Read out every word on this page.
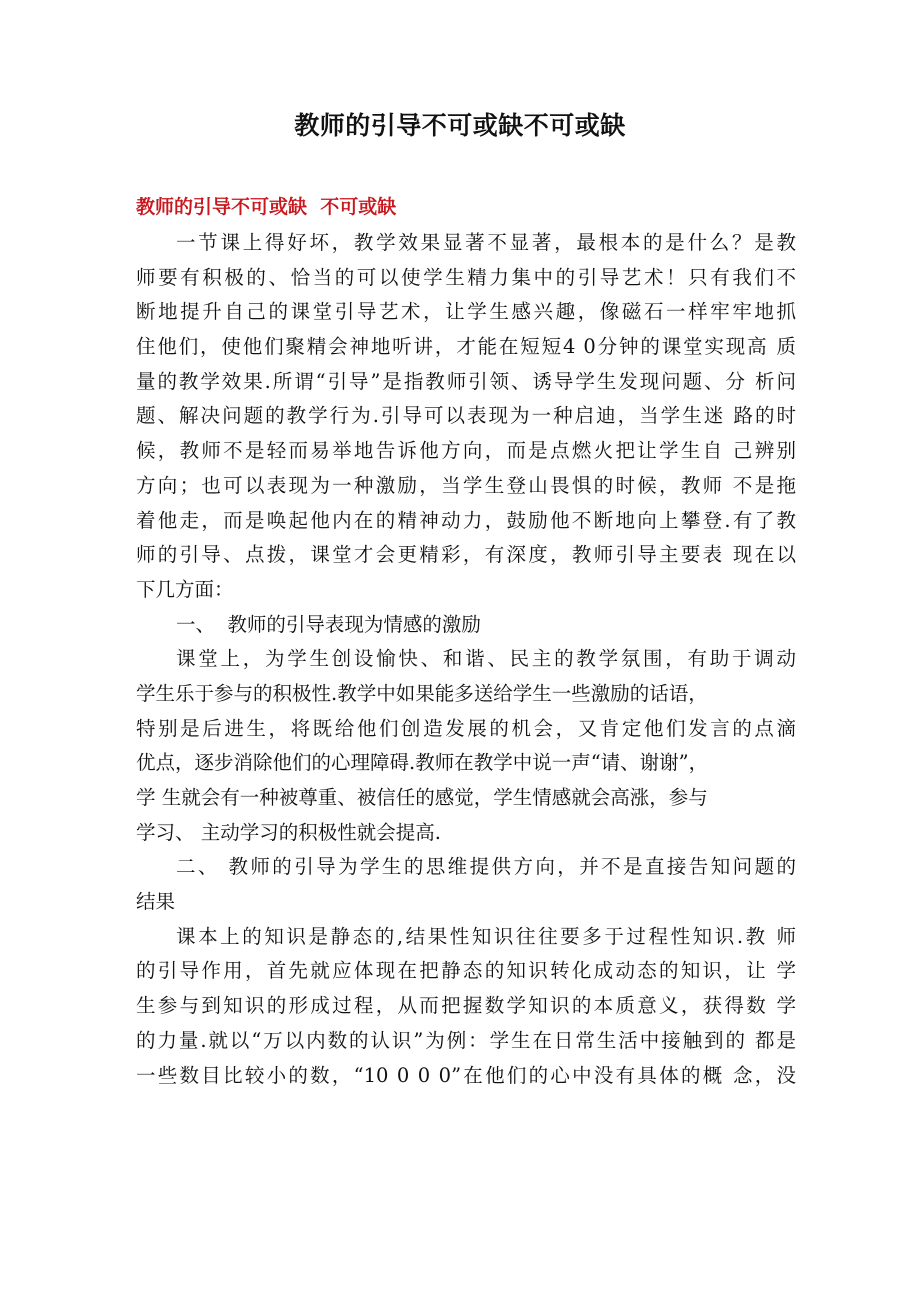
教师的引导不可或缺不可或缺
教师的引导不可或缺  不可或缺
一节课上得好坏，教学效果显著不显著，最根本的是什么？是教
师要有积极的、恰当的可以使学生精力集中的引导艺术！只有我们不
断地提升自己的课堂引导艺术，让学生感兴趣，像磁石一样牢牢地抓
住他们，使他们聚精会神地听讲，才能在短短4 0分钟的课堂实现高 质
量的教学效果.所谓“引导”是指教师引领、诱导学生发现问题、分 析问
题、解决问题的教学行为.引导可以表现为一种启迪，当学生迷 路的时
候，教师不是轻而易举地告诉他方向，而是点燃火把让学生自 己辨别
方向；也可以表现为一种激励，当学生登山畏惧的时候，教师 不是拖
着他走，而是唤起他内在的精神动力，鼓励他不断地向上攀登.有了教
师的引导、点拨，课堂才会更精彩，有深度，教师引导主要表 现在以
下几方面：
一、  教师的引导表现为情感的激励
课堂上，为学生创设愉快、和谐、民主的教学氛围，有助于调动
学生乐于参与的积极性.教学中如果能多送给学生一些激励的话语，
特别是后进生，将既给他们创造发展的机会，又肯定他们发言的点滴
优点，逐步消除他们的心理障碍.教师在教学中说一声“请、谢谢”，
学 生就会有一种被尊重、被信任的感觉，学生情感就会高涨，参与
学习、 主动学习的积极性就会提高.
二、 教师的引导为学生的思维提供方向，并不是直接告知问题的
结果
课本上的知识是静态的,结果性知识往往要多于过程性知识.教 师
的引导作用，首先就应体现在把静态的知识转化成动态的知识，让 学
生参与到知识的形成过程，从而把握数学知识的本质意义，获得数 学
的力量.就以“万以内数的认识”为例：学生在日常生活中接触到的 都是
一些数目比较小的数，“10 0 0 0”在他们的心中没有具体的概 念，没
